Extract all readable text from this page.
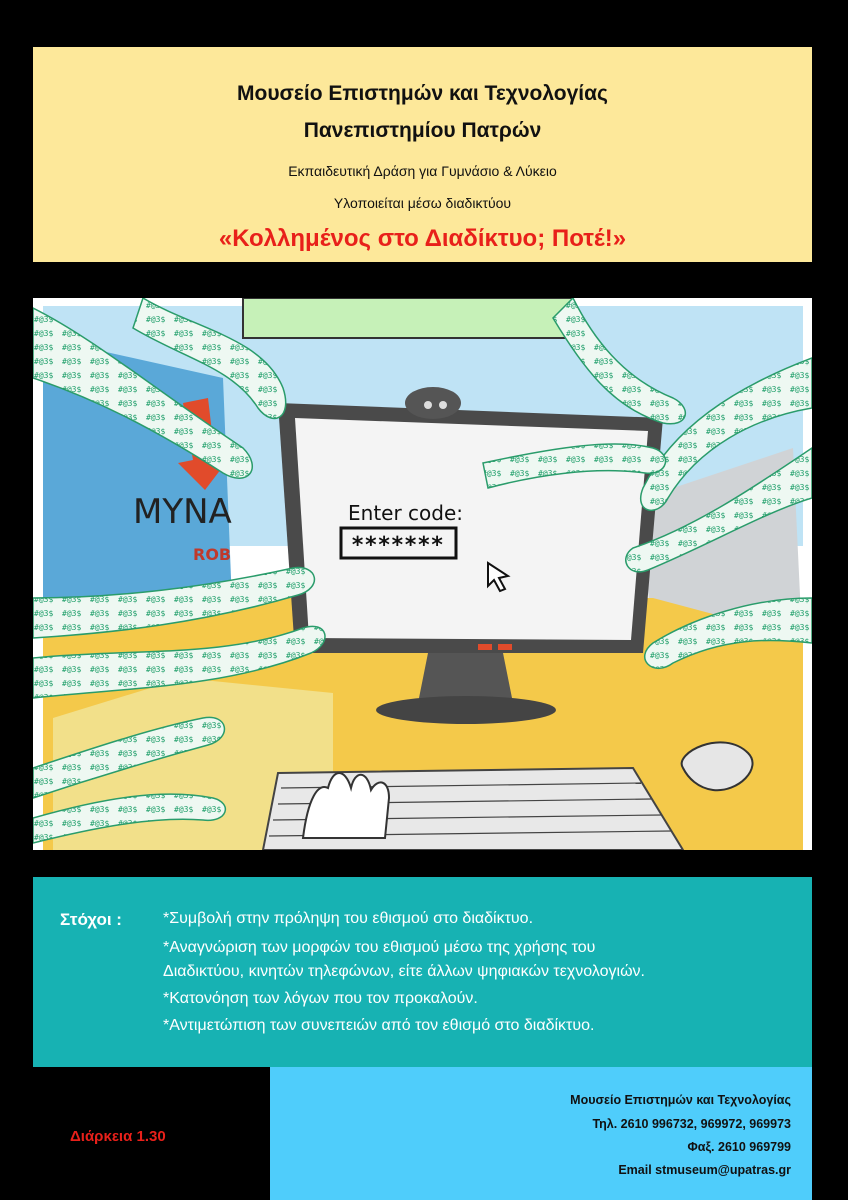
Μουσείο Επιστημών και Τεχνολογίας
Πανεπιστημίου Πατρών
Εκπαιδευτική Δράση για Γυμνάσιο & Λύκειο
Υλοποιείται μέσω διαδικτύου
«Κολλημένος στο Διαδίκτυο; Ποτέ!»
Enter code:
*******
MYNA
ROB
Στόχοι :	*Συμβολή στην πρόληψη του εθισμού στο διαδίκτυο.
*Αναγνώριση των μορφών του εθισμού μέσω της χρήσης του
Διαδικτύου, κινητών τηλεφώνων, είτε άλλων ψηφιακών τεχνολογιών.
*Κατονόηση των λόγων που τον προκαλούν.
*Αντιμετώπιση των συνεπειών από τον εθισμό στο διαδίκτυο.
Διάρκεια 1.30
Μουσείο Επιστημών και Τεχνολογίας
Τηλ. 2610 996732, 969972, 969973
Φαξ. 2610 969799
Email stmuseum@upatras.gr
